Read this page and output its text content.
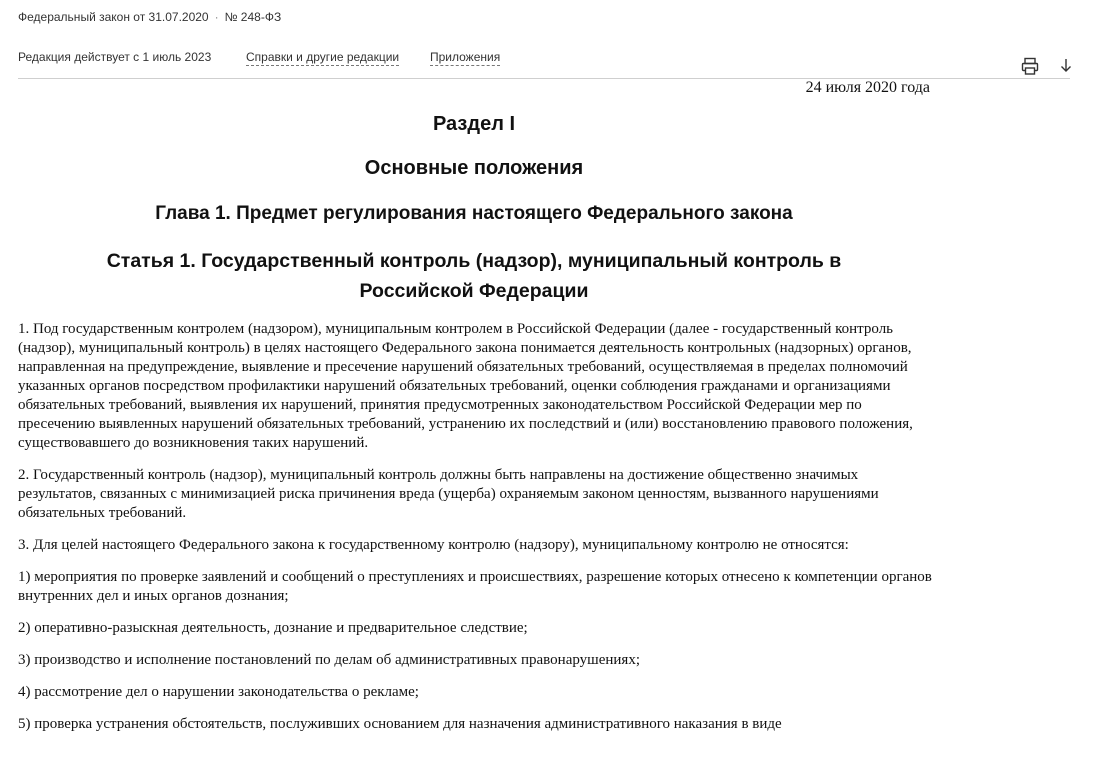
Федеральный закон от 31.07.2020 · № 248-ФЗ
Редакция действует с 1 июль 2023	Справки и другие редакции	Приложения
24 июля 2020 года
Раздел I
Основные положения
Глава 1. Предмет регулирования настоящего Федерального закона
Статья 1. Государственный контроль (надзор), муниципальный контроль в Российской Федерации

1. Под государственным контролем (надзором), муниципальным контролем в Российской Федерации (далее - государственный контроль (надзор), муниципальный контроль) в целях настоящего Федерального закона понимается деятельность контрольных (надзорных) органов, направленная на предупреждение, выявление и пресечение нарушений обязательных требований, осуществляемая в пределах полномочий указанных органов посредством профилактики нарушений обязательных требований, оценки соблюдения гражданами и организациями обязательных требований, выявления их нарушений, принятия предусмотренных законодательством Российской Федерации мер по пресечению выявленных нарушений обязательных требований, устранению их последствий и (или) восстановлению правового положения, существовавшего до возникновения таких нарушений.

2. Государственный контроль (надзор), муниципальный контроль должны быть направлены на достижение общественно значимых результатов, связанных с минимизацией риска причинения вреда (ущерба) охраняемым законом ценностям, вызванного нарушениями обязательных требований.

3. Для целей настоящего Федерального закона к государственному контролю (надзору), муниципальному контролю не относятся:

1) мероприятия по проверке заявлений и сообщений о преступлениях и происшествиях, разрешение которых отнесено к компетенции органов внутренних дел и иных органов дознания;

2) оперативно-разыскная деятельность, дознание и предварительное следствие;

3) производство и исполнение постановлений по делам об административных правонарушениях;

4) рассмотрение дел о нарушении законодательства о рекламе;

5) проверка устранения обстоятельств, послуживших основанием для назначения административного наказания в виде
